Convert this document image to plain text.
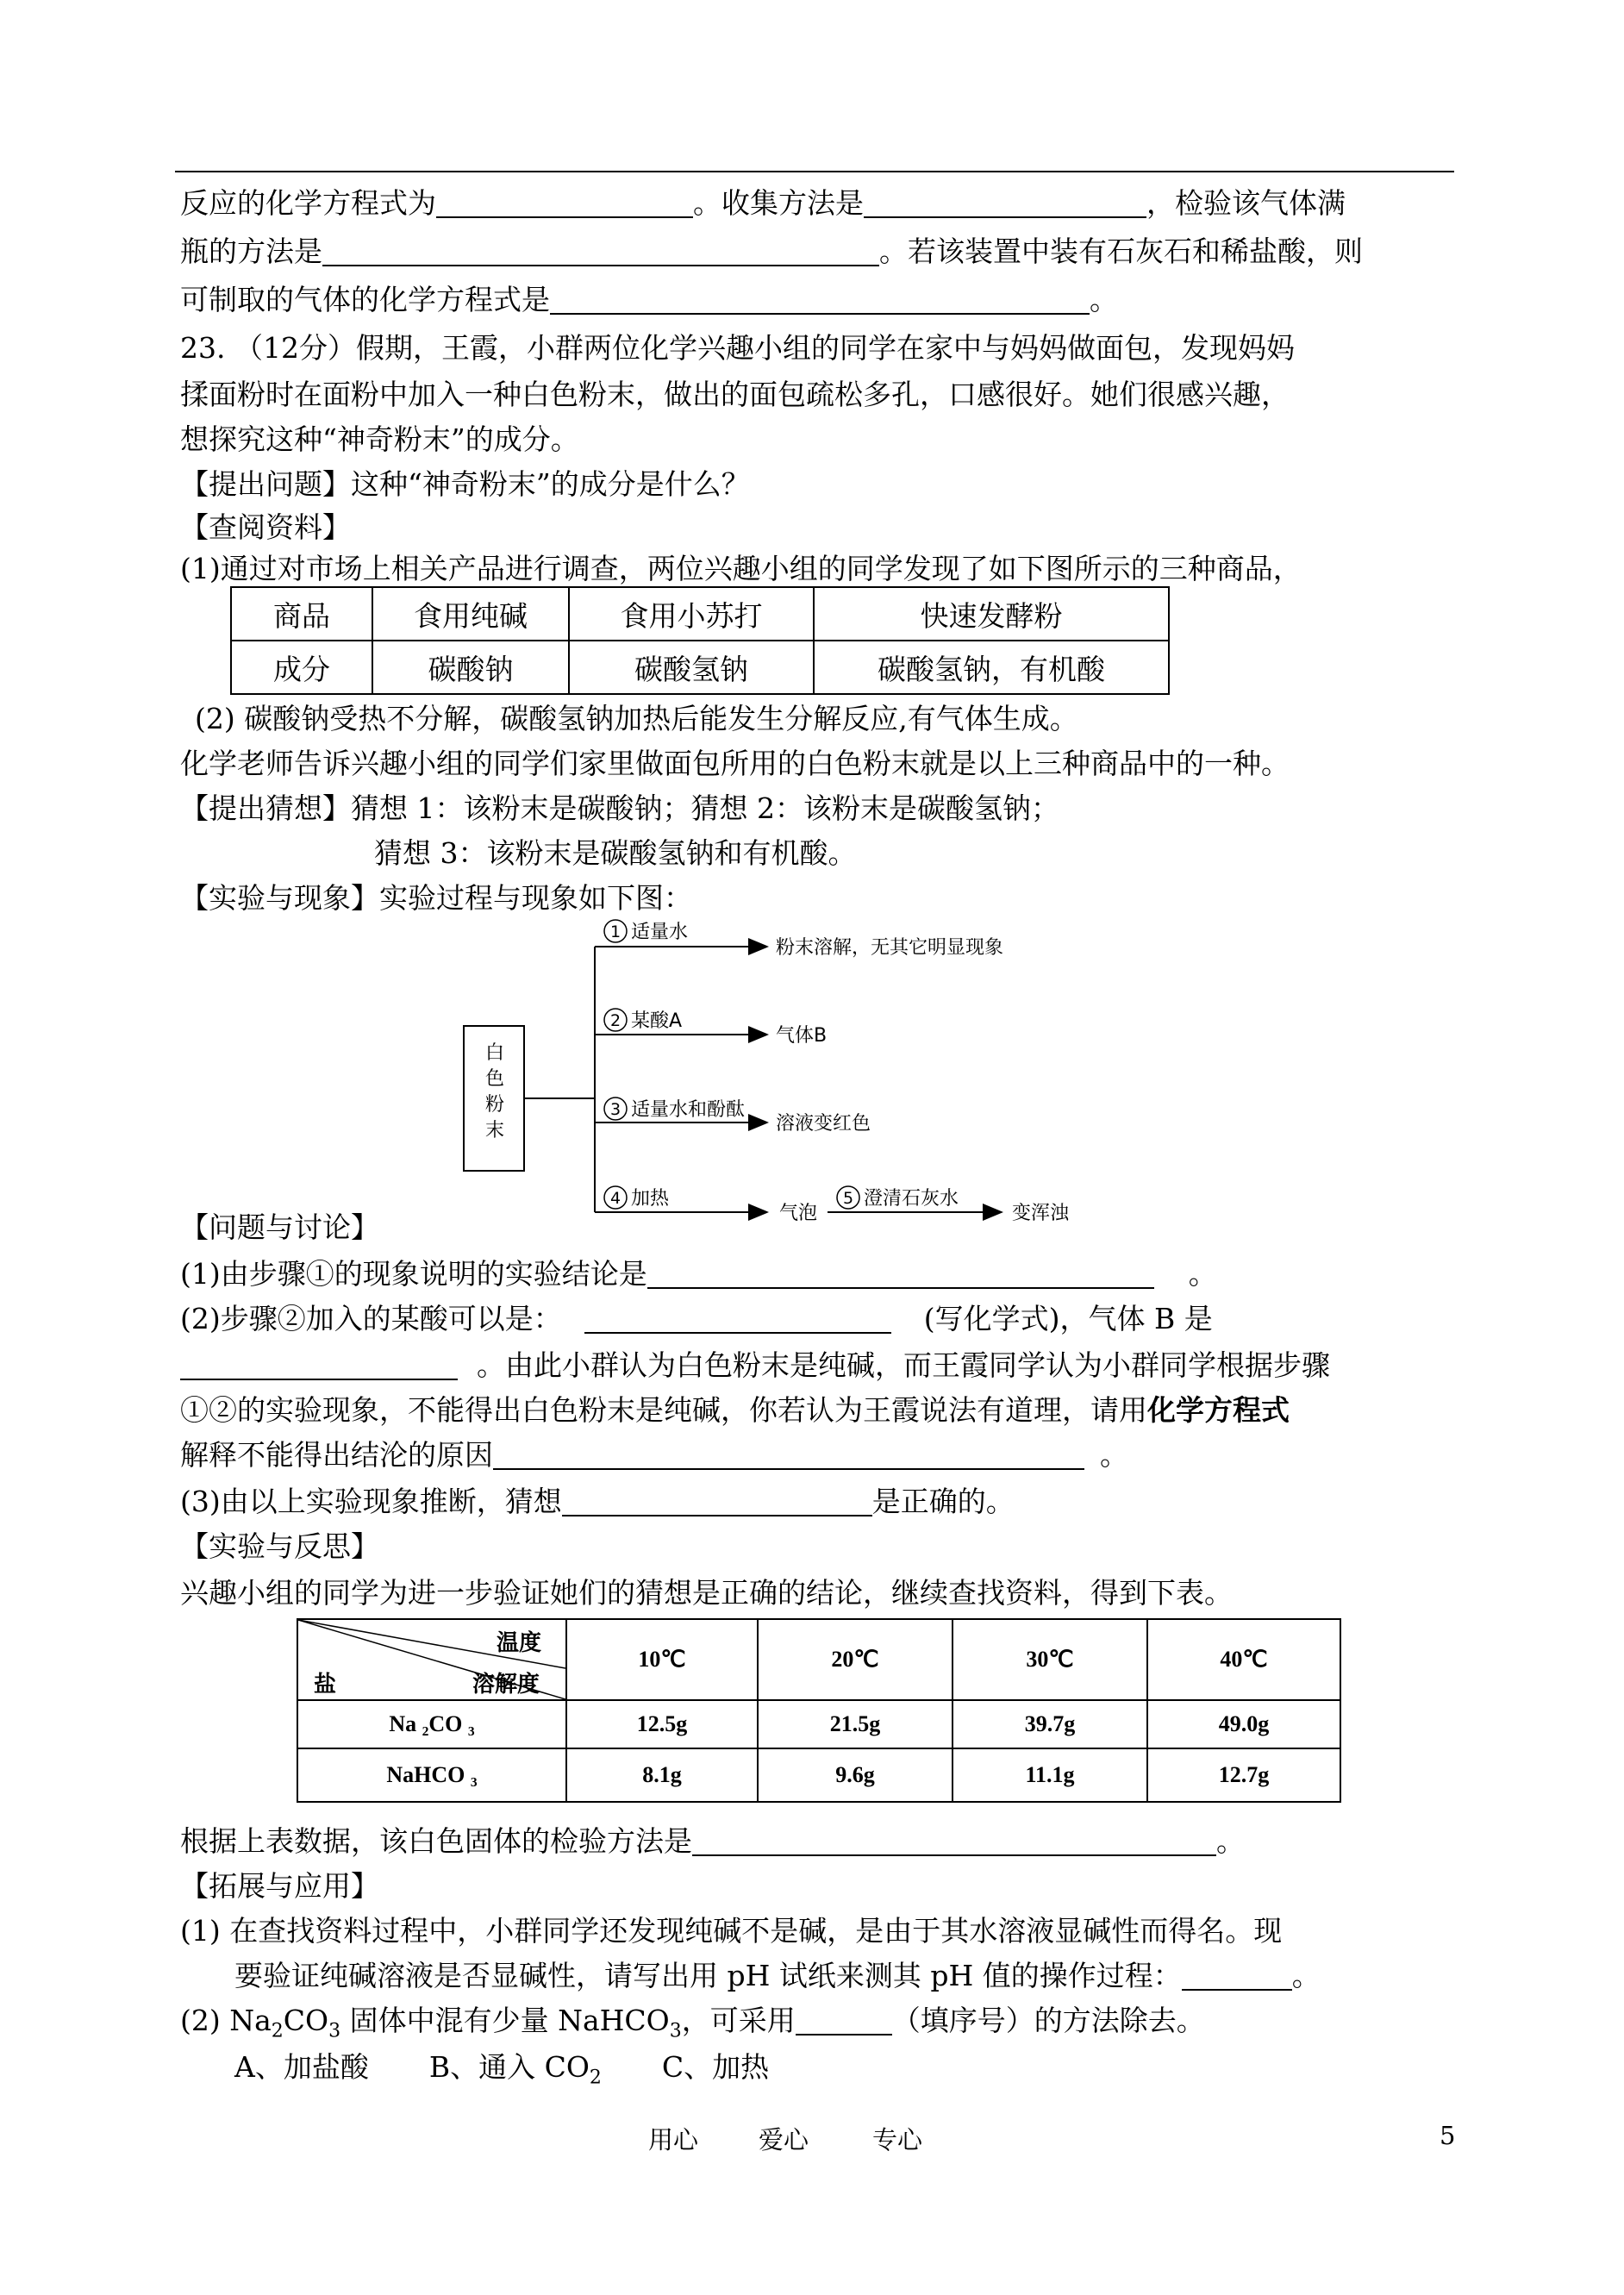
反应的化学方程式为	。收集方法是	，检验该气体满
瓶的方法是	。若该装置中装有石灰石和稀盐酸，则
可制取的气体的化学方程式是	。
23. （12分）假期，王霞，小群两位化学兴趣小组的同学在家中与妈妈做面包，发现妈妈
揉面粉时在面粉中加入一种白色粉末，做出的面包疏松多孔，口感很好。她们很感兴趣，
想探究这种“神奇粉末”的成分。
【提出问题】这种“神奇粉末”的成分是什么？
【查阅资料】
(1)通过对市场上相关产品进行调查，两位兴趣小组的同学发现了如下图所示的三种商品，
商品	食用纯碱	食用小苏打	快速发酵粉
成分	碳酸钠	碳酸氢钠	碳酸氢钠，有机酸
(2) 碳酸钠受热不分解，碳酸氢钠加热后能发生分解反应,有气体生成。
化学老师告诉兴趣小组的同学们家里做面包所用的白色粉末就是以上三种商品中的一种。
【提出猜想】猜想 1：该粉末是碳酸钠；猜想 2：该粉末是碳酸氢钠；
猜想 3：该粉末是碳酸氢钠和有机酸。
【实验与现象】实验过程与现象如下图：
白
色
粉
末
1 适量水
粉末溶解，无其它明显现象
2 某酸A
气体B
3 适量水和酚酞
溶液变红色
4 加热
气泡
5 澄清石灰水
变浑浊
【问题与讨论】
(1)由步骤①的现象说明的实验结论是	。
(2)步骤②加入的某酸可以是：	(写化学式)，气体 B 是
。由此小群认为白色粉末是纯碱，而王霞同学认为小群同学根据步骤
①②的实验现象，不能得出白色粉末是纯碱，你若认为王霞说法有道理，请用化学方程式
解释不能得出结沦的原因	。
(3)由以上实验现象推断，猜想	是正确的。
【实验与反思】
兴趣小组的同学为进一步验证她们的猜想是正确的结论，继续查找资料，得到下表。
温度
溶解度
盐	10℃	20℃	30℃	40℃
Na ₂CO ₃	12.5g	21.5g	39.7g	49.0g
NaHCO ₃	8.1g	9.6g	11.1g	12.7g
根据上表数据，该白色固体的检验方法是	。
【拓展与应用】
(1) 在查找资料过程中，小群同学还发现纯碱不是碱，是由于其水溶液显碱性而得名。现
要验证纯碱溶液是否显碱性，请写出用 pH 试纸来测其 pH 值的操作过程：	。
(2) $Na_2CO_3$ 固体中混有少量 NaHCO$_3$，可采用	（填序号）的方法除去。
A、加盐酸 B、通入 $CO_2$ C、加热
用心 爱心	专心	5
